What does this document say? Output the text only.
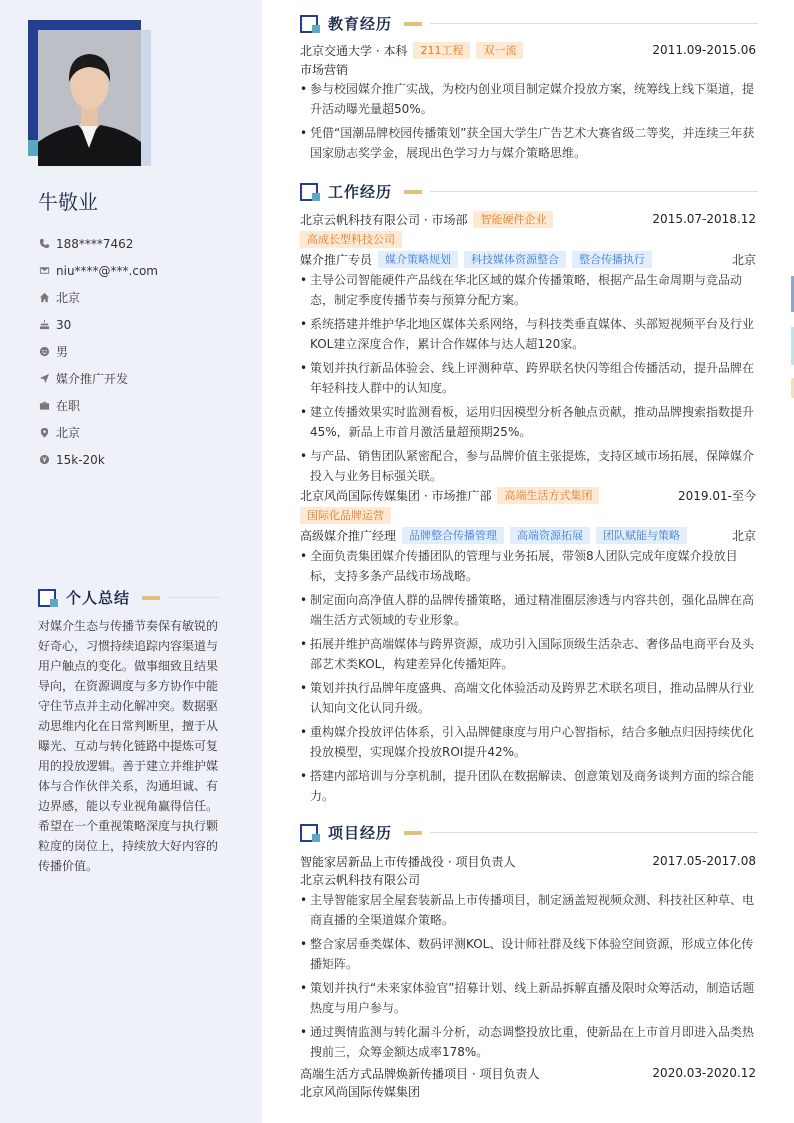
牛敬业
188****7462
niu****@***.com
北京
30
男
媒介推广开发
在职
北京
15k-20k
个人总结
对媒介生态与传播节奏保有敏锐的好奇心，习惯持续追踪内容渠道与用户触点的变化。做事细致且结果导向，在资源调度与多方协作中能守住节点并主动化解冲突。数据驱动思维内化在日常判断里，擅于从曝光、互动与转化链路中提炼可复用的投放逻辑。善于建立并维护媒体与合作伙伴关系，沟通坦诚、有边界感，能以专业视角赢得信任。希望在一个重视策略深度与执行颗粒度的岗位上，持续放大好内容的传播价值。
教育经历
北京交通大学 · 本科	211工程	双一流	2011.09-2015.06
市场营销
• 参与校园媒介推广实战，为校内创业项目制定媒介投放方案，统筹线上线下渠道，提升活动曝光量超50%。
• 凭借“国潮品牌校园传播策划”获全国大学生广告艺术大赛省级二等奖，并连续三年获国家励志奖学金，展现出色学习力与媒介策略思维。
工作经历
北京云帆科技有限公司 · 市场部	智能硬件企业	2015.07-2018.12
高成长型科技公司
媒介推广专员	媒介策略规划	科技媒体资源整合	整合传播执行	北京
• 主导公司智能硬件产品线在华北区域的媒介传播策略，根据产品生命周期与竞品动态，制定季度传播节奏与预算分配方案。
• 系统搭建并维护华北地区媒体关系网络，与科技类垂直媒体、头部短视频平台及行业KOL建立深度合作，累计合作媒体与达人超120家。
• 策划并执行新品体验会、线上评测种草、跨界联名快闪等组合传播活动，提升品牌在年轻科技人群中的认知度。
• 建立传播效果实时监测看板，运用归因模型分析各触点贡献，推动品牌搜索指数提升45%，新品上市首月激活量超预期25%。
• 与产品、销售团队紧密配合，参与品牌价值主张提炼，支持区域市场拓展，保障媒介投入与业务目标强关联。
北京风尚国际传媒集团 · 市场推广部	高端生活方式集团	2019.01-至今
国际化品牌运营
高级媒介推广经理	品牌整合传播管理	高端资源拓展	团队赋能与策略	北京
• 全面负责集团媒介传播团队的管理与业务拓展，带领8人团队完成年度媒介投放目标，支持多条产品线市场战略。
• 制定面向高净值人群的品牌传播策略，通过精准圈层渗透与内容共创，强化品牌在高端生活方式领域的专业形象。
• 拓展并维护高端媒体与跨界资源，成功引入国际顶级生活杂志、奢侈品电商平台及头部艺术类KOL，构建差异化传播矩阵。
• 策划并执行品牌年度盛典、高端文化体验活动及跨界艺术联名项目，推动品牌从行业认知向文化认同升级。
• 重构媒介投放评估体系，引入品牌健康度与用户心智指标，结合多触点归因持续优化投放模型，实现媒介投放ROI提升42%。
• 搭建内部培训与分享机制，提升团队在数据解读、创意策划及商务谈判方面的综合能力。
项目经历
智能家居新品上市传播战役 · 项目负责人	2017.05-2017.08
北京云帆科技有限公司
• 主导智能家居全屋套装新品上市传播项目，制定涵盖短视频众测、科技社区种草、电商直播的全渠道媒介策略。
• 整合家居垂类媒体、数码评测KOL、设计师社群及线下体验空间资源，形成立体化传播矩阵。
• 策划并执行“未来家体验官”招募计划、线上新品拆解直播及限时众筹活动，制造话题热度与用户参与。
• 通过舆情监测与转化漏斗分析，动态调整投放比重，使新品在上市首月即进入品类热搜前三，众筹金额达成率178%。
高端生活方式品牌焕新传播项目 · 项目负责人	2020.03-2020.12
北京风尚国际传媒集团
